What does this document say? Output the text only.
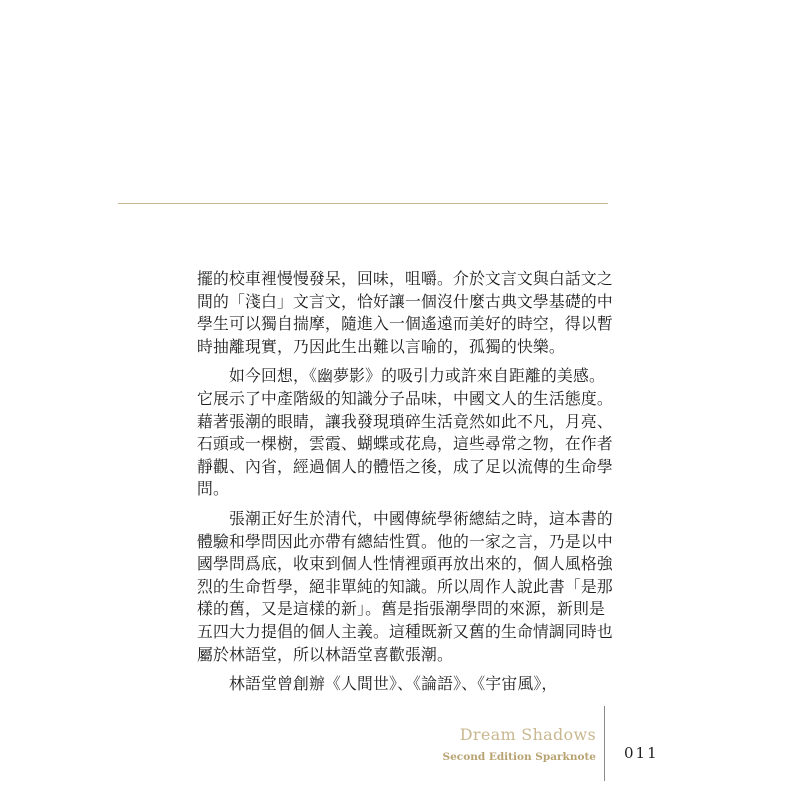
擺的校車裡慢慢發呆，回味，咀嚼。介於文言文與白話文之
間的「淺白」文言文，恰好讓一個沒什麼古典文學基礎的中
學生可以獨自揣摩，隨進入一個遙遠而美好的時空，得以暫
時抽離現實，乃因此生出難以言喻的，孤獨的快樂。

如今回想，《幽夢影》的吸引力或許來自距離的美感。
它展示了中產階級的知識分子品味，中國文人的生活態度。
藉著張潮的眼睛，讓我發現瑣碎生活竟然如此不凡，月亮、
石頭或一棵樹，雲霞、蝴蝶或花鳥，這些尋常之物，在作者
靜觀、內省，經過個人的體悟之後，成了足以流傳的生命學
問。

張潮正好生於清代，中國傳統學術總結之時，這本書的
體驗和學問因此亦帶有總結性質。他的一家之言，乃是以中
國學問爲底，收束到個人性情裡頭再放出來的，個人風格強
烈的生命哲學，絕非單純的知識。所以周作人說此書「是那
樣的舊，又是這樣的新」。舊是指張潮學問的來源，新則是
五四大力提倡的個人主義。這種既新又舊的生命情調同時也
屬於林語堂，所以林語堂喜歡張潮。

林語堂曾創辦《人間世》、《論語》、《宇宙風》，

Dream Shadows
Second Edition Sparknote 011
